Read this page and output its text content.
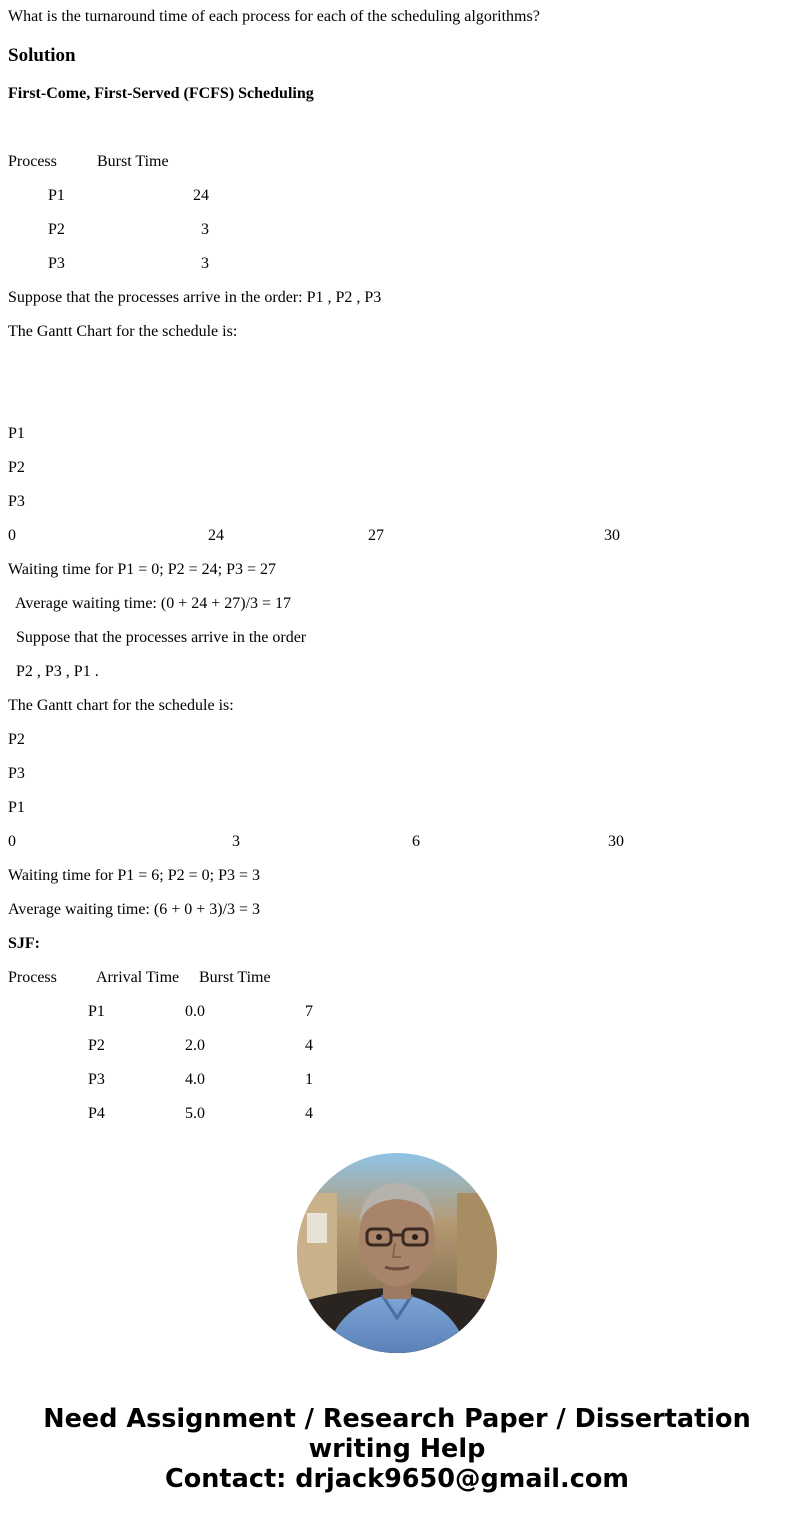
What is the turnaround time of each process for each of the scheduling algorithms?
Solution
First-Come, First-Served (FCFS) Scheduling
Process	Burst Time
P1	24
P2	3
P3	3
Suppose that the processes arrive in the order: P1 , P2 , P3
The Gantt Chart for the schedule is:
P1
P2
P3
0	24	27	30
Waiting time for P1 = 0; P2 = 24; P3 = 27
Average waiting time: (0 + 24 + 27)/3 = 17
Suppose that the processes arrive in the order
P2 , P3 , P1 .
The Gantt chart for the schedule is:
P2
P3
P1
0	3	6	30
Waiting time for P1 = 6; P2 = 0; P3 = 3
Average waiting time: (6 + 0 + 3)/3 = 3
SJF:
Process Arrival Time Burst Time
P1	0.0	7
P2	2.0	4
P3	4.0	1
P4	5.0	4
Need Assignment / Research Paper / Dissertation
writing Help
Contact: drjack9650@gmail.com
